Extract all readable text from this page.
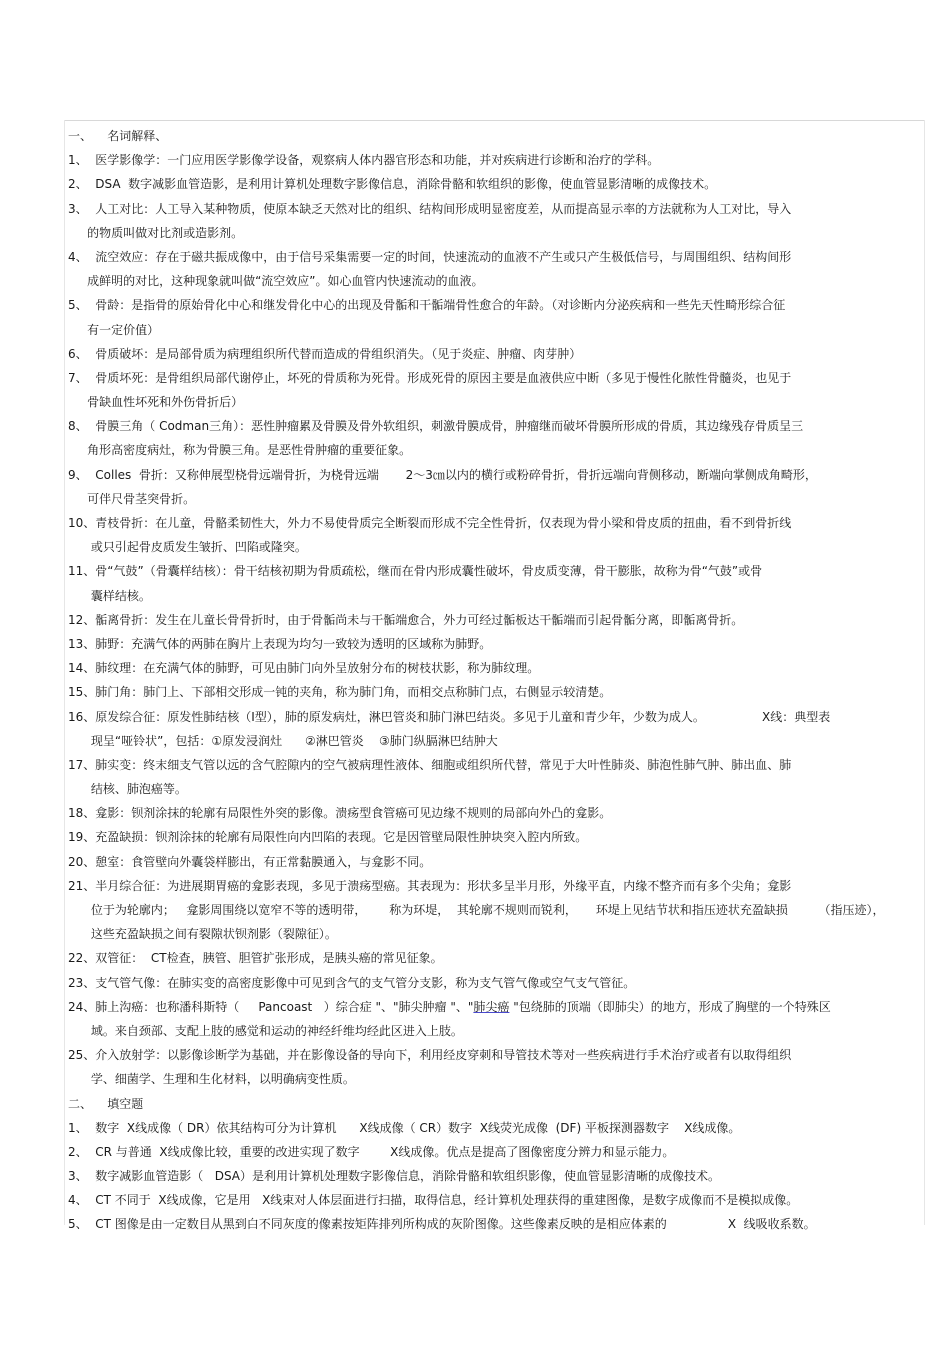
一、    名词解释、
1、  医学影像学：一门应用医学影像学设备，观察病人体内器官形态和功能，并对疾病进行诊断和治疗的学科。
2、  DSA  数字减影血管造影，是利用计算机处理数字影像信息，消除骨骼和软组织的影像，使血管显影清晰的成像技术。
3、  人工对比：人工导入某种物质，使原本缺乏天然对比的组织、结构间形成明显密度差，从而提高显示率的方法就称为人工对比，导入
的物质叫做对比剂或造影剂。
4、  流空效应：存在于磁共振成像中，由于信号采集需要一定的时间，快速流动的血液不产生或只产生极低信号，与周围组织、结构间形
成鲜明的对比，这种现象就叫做“流空效应”。如心血管内快速流动的血液。
5、  骨龄：是指骨的原始骨化中心和继发骨化中心的出现及骨骺和干骺端骨性愈合的年龄。（对诊断内分泌疾病和一些先天性畸形综合征
有一定价值）
6、  骨质破坏：是局部骨质为病理组织所代替而造成的骨组织消失。（见于炎症、肿瘤、肉芽肿）
7、  骨质坏死：是骨组织局部代谢停止，坏死的骨质称为死骨。形成死骨的原因主要是血液供应中断（多见于慢性化脓性骨髓炎，也见于
骨缺血性坏死和外伤骨折后）
8、  骨膜三角（ Codman三角）：恶性肿瘤累及骨膜及骨外软组织，刺激骨膜成骨，肿瘤继而破坏骨膜所形成的骨质，其边缘残存骨质呈三
角形高密度病灶，称为骨膜三角。是恶性骨肿瘤的重要征象。
9、  Colles  骨折：又称伸展型桡骨远端骨折，为桡骨远端       2～3㎝以内的横行或粉碎骨折，骨折远端向背侧移动，断端向掌侧成角畸形，
可伴尺骨茎突骨折。
10、青枝骨折：在儿童，骨骼柔韧性大，外力不易使骨质完全断裂而形成不完全性骨折，仅表现为骨小梁和骨皮质的扭曲，看不到骨折线
或只引起骨皮质发生皱折、凹陷或隆突。
11、骨“气鼓”（骨囊样结核）：骨干结核初期为骨质疏松，继而在骨内形成囊性破坏，骨皮质变薄，骨干膨胀，故称为骨“气鼓”或骨
囊样结核。
12、骺离骨折：发生在儿童长骨骨折时，由于骨骺尚未与干骺端愈合，外力可经过骺板达干骺端而引起骨骺分离，即骺离骨折。
13、肺野：充满气体的两肺在胸片上表现为均匀一致较为透明的区域称为肺野。
14、肺纹理：在充满气体的肺野，可见由肺门向外呈放射分布的树枝状影，称为肺纹理。
15、肺门角：肺门上、下部相交形成一钝的夹角，称为肺门角，而相交点称肺门点，右侧显示较清楚。
16、原发综合征：原发性肺结核（Ⅰ型），肺的原发病灶，淋巴管炎和肺门淋巴结炎。多见于儿童和青少年，少数为成人。               X线：典型表
现呈“哑铃状”，包括：①原发浸润灶      ②淋巴管炎    ③肺门纵膈淋巴结肿大
17、肺实变：终末细支气管以远的含气腔隙内的空气被病理性液体、细胞或组织所代替，常见于大叶性肺炎、肺泡性肺气肿、肺出血、肺
结核、肺泡癌等。
18、龛影：钡剂涂抹的轮廓有局限性外突的影像。溃疡型食管癌可见边缘不规则的局部向外凸的龛影。
19、充盈缺损：钡剂涂抹的轮廓有局限性向内凹陷的表现。它是因管壁局限性肿块突入腔内所致。
20、憩室：食管壁向外囊袋样膨出，有正常黏膜通入，与龛影不同。
21、半月综合征：为进展期胃癌的龛影表现，多见于溃疡型癌。其表现为：形状多呈半月形，外缘平直，内缘不整齐而有多个尖角；龛影
位于为轮廓内；   龛影周围绕以宽窄不等的透明带，      称为环堤，  其轮廓不规则而锐利，     环堤上见结节状和指压迹状充盈缺损        （指压迹），
这些充盈缺损之间有裂隙状钡剂影（裂隙征）。
22、双管征：  CT检查，胰管、胆管扩张形成，是胰头癌的常见征象。
23、支气管气像：在肺实变的高密度影像中可见到含气的支气管分支影，称为支气管气像或空气支气管征。
24、肺上沟癌：也称潘科斯特（     Pancoast   ）综合症 "、"肺尖肿瘤 "、"肺尖癌 "包绕肺的顶端（即肺尖）的地方，形成了胸壁的一个特殊区
域。来自颈部、支配上肢的感觉和运动的神经纤维均经此区进入上肢。
25、介入放射学：以影像诊断学为基础，并在影像设备的导向下，利用经皮穿刺和导管技术等对一些疾病进行手术治疗或者有以取得组织
学、细菌学、生理和生化材料，以明确病变性质。
二、    填空题
1、  数字  X线成像（ DR）依其结构可分为计算机      X线成像（ CR）数字  X线荧光成像  (DF) 平板探测器数字    X线成像。
2、  CR 与普通  X线成像比较，重要的改进实现了数字        X线成像。优点是提高了图像密度分辨力和显示能力。
3、  数字减影血管造影（   DSA）是利用计算机处理数字影像信息，消除骨骼和软组织影像，使血管显影清晰的成像技术。
4、  CT 不同于  X线成像，它是用   X线束对人体层面进行扫描，取得信息，经计算机处理获得的重建图像，是数字成像而不是模拟成像。
5、  CT 图像是由一定数目从黑到白不同灰度的像素按矩阵排列所构成的灰阶图像。这些像素反映的是相应体素的                X  线吸收系数。
